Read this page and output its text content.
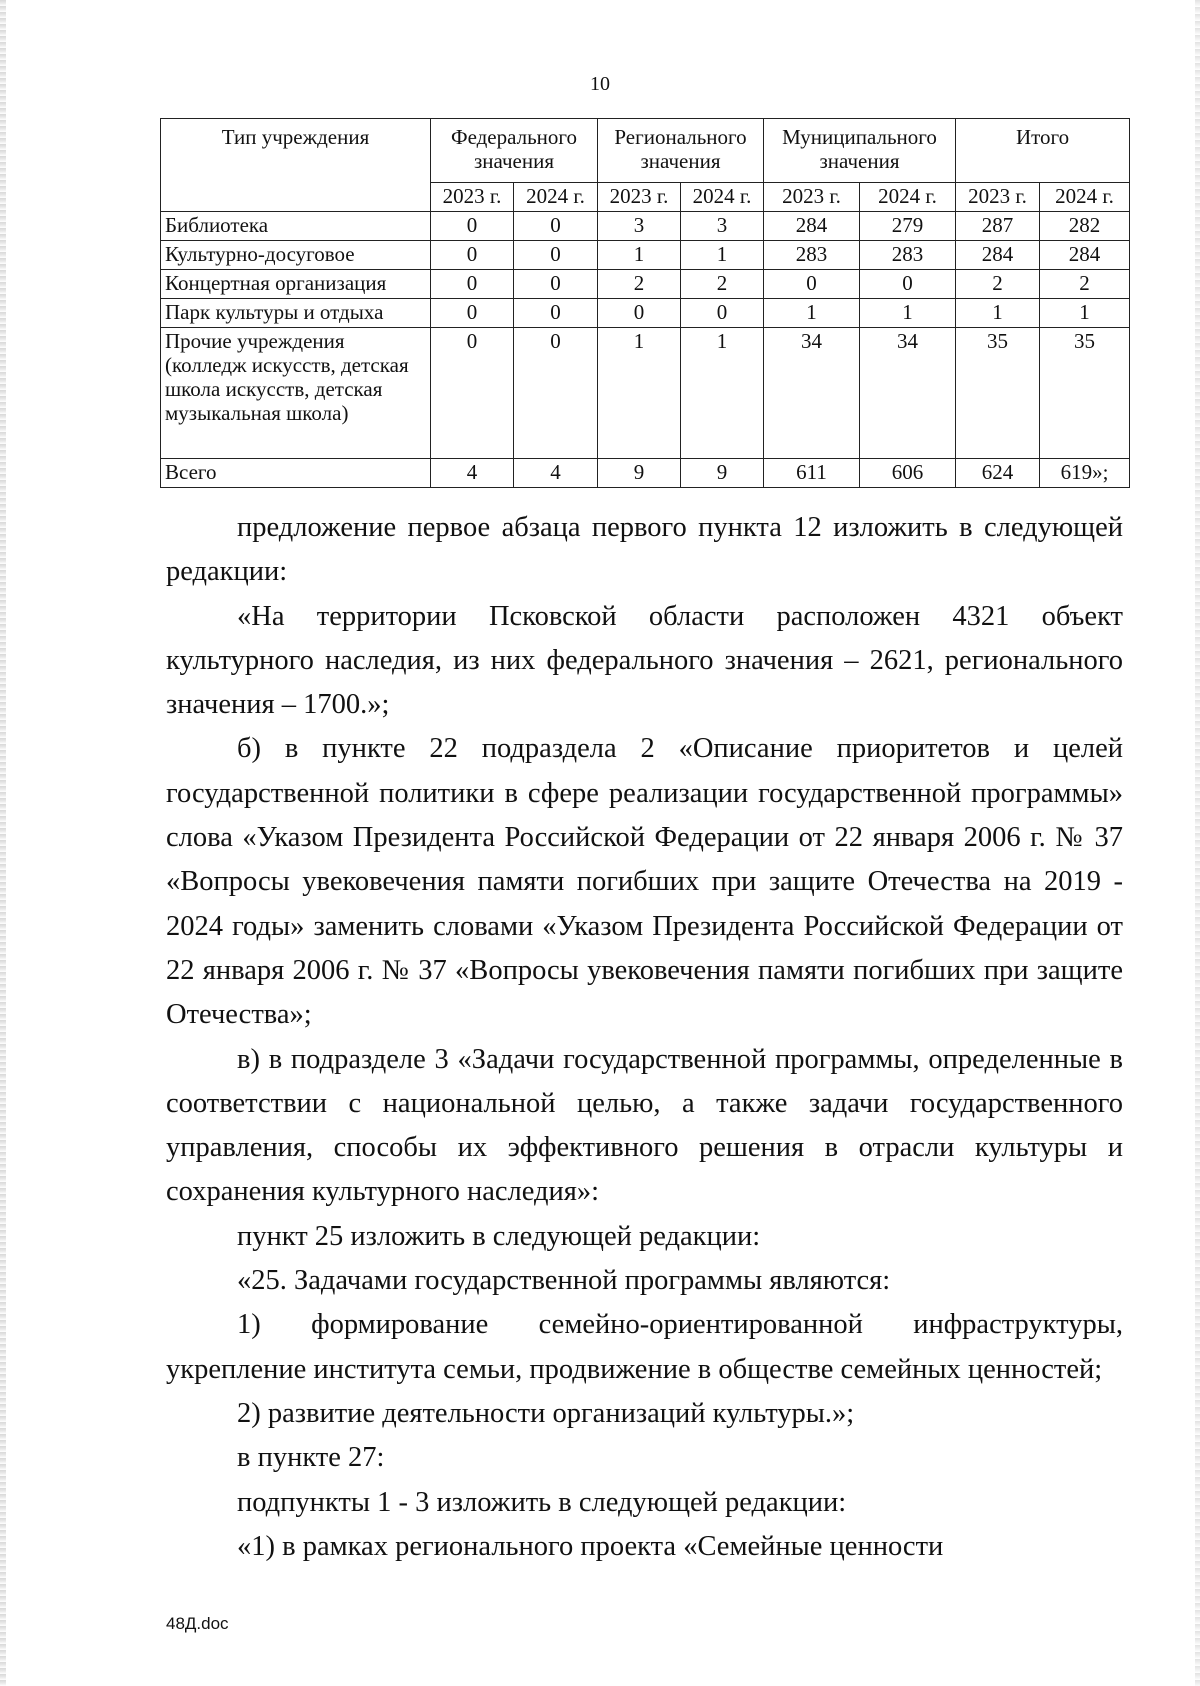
10
Тип учреждения	Федерального значения		Регионального значения		Муниципального значения		Итого	
	2023 г.	2024 г.	2023 г.	2024 г.	2023 г.	2024 г.	2023 г.	2024 г.
Библиотека	0	0	3	3	284	279	287	282
Культурно-досуговое	0	0	1	1	283	283	284	284
Концертная организация	0	0	2	2	0	0	2	2
Парк культуры и отдыха	0	0	0	0	1	1	1	1
Прочие учреждения (колледж искусств, детская школа искусств, детская музыкальная школа)	0	0	1	1	34	34	35	35
Всего	4	4	9	9	611	606	624	619»;

предложение первое абзаца первого пункта 12 изложить в следующей редакции:

«На территории Псковской области расположен 4321 объект культурного наследия, из них федерального значения – 2621, регионального значения – 1700.»;

б) в пункте 22 подраздела 2 «Описание приоритетов и целей государственной политики в сфере реализации государственной программы» слова «Указом Президента Российской Федерации от 22 января 2006 г. № 37 «Вопросы увековечения памяти погибших при защите Отечества на 2019 - 2024 годы» заменить словами «Указом Президента Российской Федерации от 22 января 2006 г. № 37 «Вопросы увековечения памяти погибших при защите Отечества»;

в) в подразделе 3 «Задачи государственной программы, определенные в соответствии с национальной целью, а также задачи государственного управления, способы их эффективного решения в отрасли культуры и сохранения культурного наследия»:

пункт 25 изложить в следующей редакции:

«25. Задачами государственной программы являются:

1) формирование семейно-ориентированной инфраструктуры, укрепление института семьи, продвижение в обществе семейных ценностей;

2) развитие деятельности организаций культуры.»;

в пункте 27:

подпункты 1 - 3 изложить в следующей редакции:

«1) в рамках регионального проекта «Семейные ценности

48Д.doc
